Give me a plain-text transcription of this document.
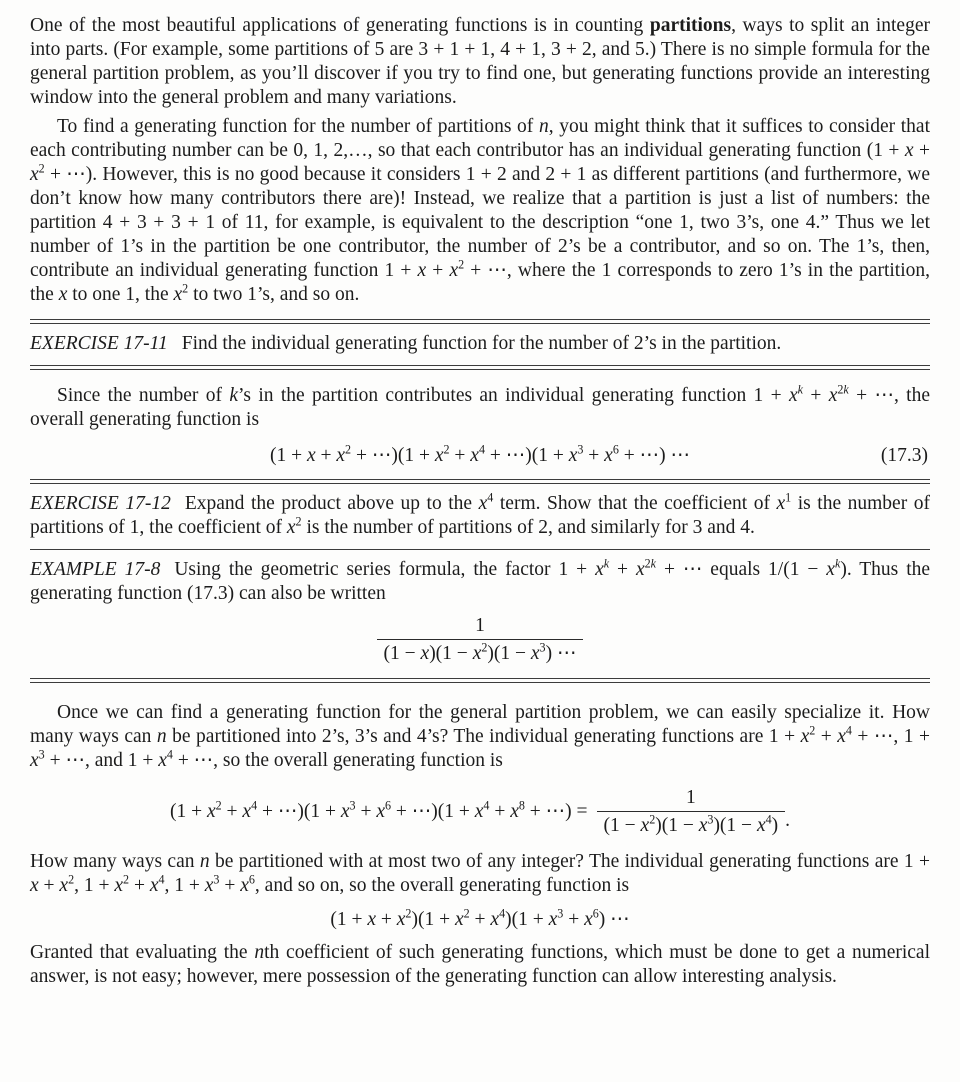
One of the most beautiful applications of generating functions is in counting partitions, ways to split an integer into parts. (For example, some partitions of 5 are 3 + 1 + 1, 4 + 1, 3 + 2, and 5.) There is no simple formula for the general partition problem, as you’ll discover if you try to find one, but generating functions provide an interesting window into the general problem and many variations.

To find a generating function for the number of partitions of n, you might think that it suffices to consider that each contributing number can be 0, 1, 2,…, so that each contributor has an individual generating function ($1 + x + x^2$ + ⋯). However, this is no good because it considers 1 + 2 and 2 + 1 as different partitions (and furthermore, we don’t know how many contributors there are)! Instead, we realize that a partition is just a list of numbers: the partition 4 + 3 + 3 + 1 of 11, for example, is equivalent to the description “one 1, two 3’s, one 4.” Thus we let number of 1’s in the partition be one contributor, the number of 2’s be a contributor, and so on. The 1’s, then, contribute an individual generating function $1 + x + x^2$ + ⋯, where the 1 corresponds to zero 1’s in the partition, the x to one 1, the $x^2$ to two 1’s, and so on.

EXERCISE 17-11 Find the individual generating function for the number of 2’s in the partition.

Since the number of k’s in the partition contributes an individual generating function $1 + x^k + x^{2k}$ + ⋯, the overall generating function is

($1 + x + x^2$ + ⋯)(1 + $x^2 + x^4$ + ⋯)(1 + $x^3 + x^6$ + ⋯) ⋯	(17.3)

EXERCISE 17-12 Expand the product above up to the $x^4$ term. Show that the coefficient of $x^1$ is the number of partitions of 1, the coefficient of $x^2$ is the number of partitions of 2, and similarly for 3 and 4.

EXAMPLE 17-8 Using the geometric series formula, the factor $1 + x^k + x^{2k}$ + ⋯ equals $1/(1 - x^k)$. Thus the generating function (17.3) can also be written

$\frac{1}{(1 - x)(1 - x^2)(1 - x^3) \cdots}$

Once we can find a generating function for the general partition problem, we can easily specialize it. How many ways can n be partitioned into 2’s, 3’s and 4’s? The individual generating functions are $1 + x^2 + x^4$ + ⋯, $1 + x^3$ + ⋯, and $1 + x^4$ + ⋯, so the overall generating function is

($1 + x^2 + x^4$ + ⋯)(1 + $x^3 + x^6$ + ⋯)(1 + $x^4 + x^8$ + ⋯) = $\frac{1}{(1 - x^2)(1 - x^3)(1 - x^4)}$ .

How many ways can n be partitioned with at most two of any integer? The individual generating functions are $1 + x + x^2$, $1 + x^2 + x^4$, $1 + x^3 + x^6$, and so on, so the overall generating function is

$(1 + x + x^2)(1 + x^2 + x^4)(1 + x^3 + x^6)$ ⋯

Granted that evaluating the nth coefficient of such generating functions, which must be done to get a numerical answer, is not easy; however, mere possession of the generating function can allow interesting analysis.
